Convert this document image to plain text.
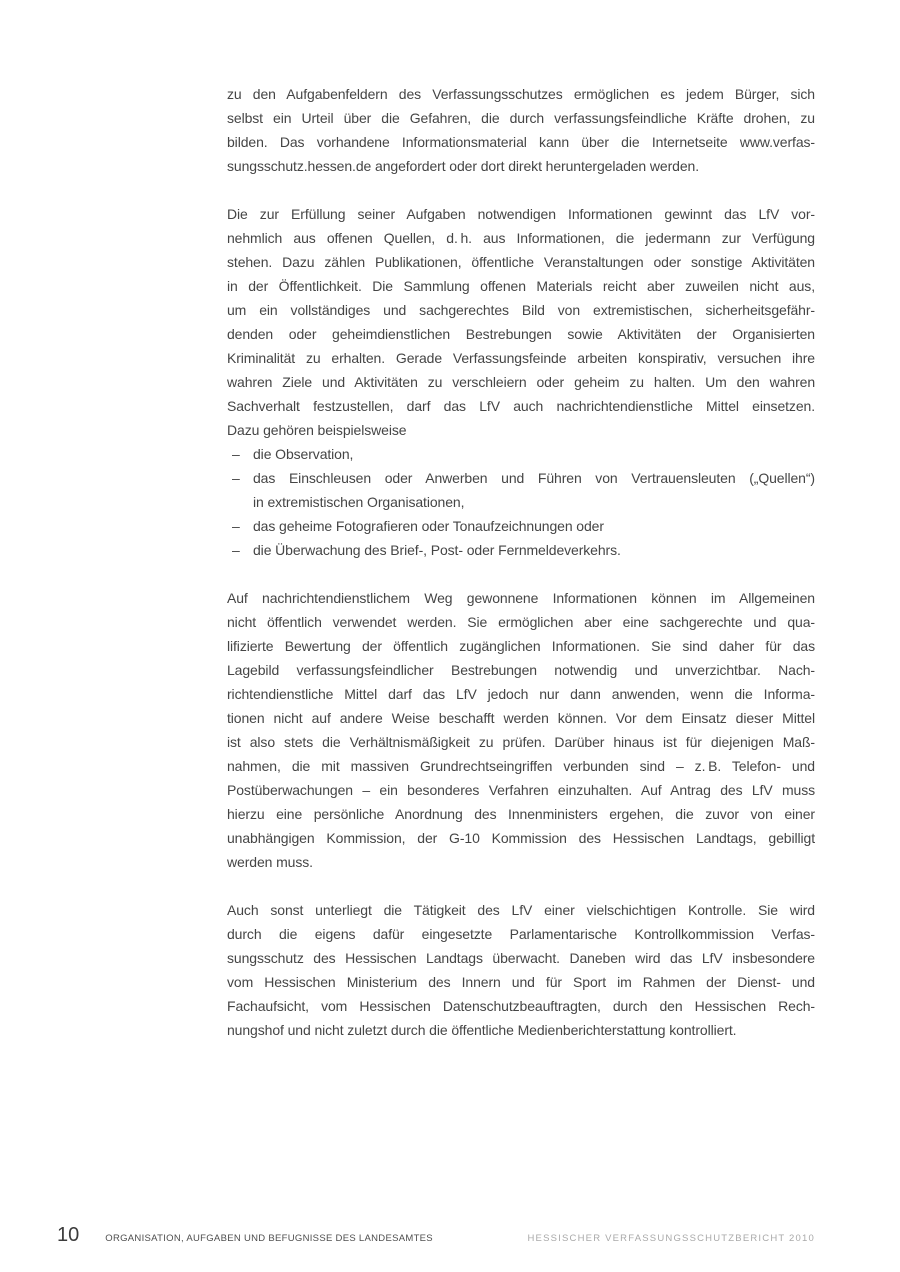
zu den Aufgabenfeldern des Verfassungsschutzes ermöglichen es jedem Bürger, sich
selbst ein Urteil über die Gefahren, die durch verfassungsfeindliche Kräfte drohen, zu
bilden. Das vorhandene Informationsmaterial kann über die Internetseite www.verfas-
sungsschutz.hessen.de angefordert oder dort direkt heruntergeladen werden.
Die zur Erfüllung seiner Aufgaben notwendigen Informationen gewinnt das LfV vor-
nehmlich aus offenen Quellen, d. h. aus Informationen, die jedermann zur Verfügung
stehen. Dazu zählen Publikationen, öffentliche Veranstaltungen oder sonstige Aktivitäten
in der Öffentlichkeit. Die Sammlung offenen Materials reicht aber zuweilen nicht aus,
um ein vollständiges und sachgerechtes Bild von extremistischen, sicherheitsgefähr-
denden oder geheimdienstlichen Bestrebungen sowie Aktivitäten der Organisierten
Kriminalität zu erhalten. Gerade Verfassungsfeinde arbeiten konspirativ, versuchen ihre
wahren Ziele und Aktivitäten zu verschleiern oder geheim zu halten. Um den wahren
Sachverhalt festzustellen, darf das LfV auch nachrichtendienstliche Mittel einsetzen.
Dazu gehören beispielsweise
– die Observation,
– das Einschleusen oder Anwerben und Führen von Vertrauensleuten („Quellen“)
in extremistischen Organisationen,
– das geheime Fotografieren oder Tonaufzeichnungen oder
– die Überwachung des Brief-, Post- oder Fernmeldeverkehrs.
Auf nachrichtendienstlichem Weg gewonnene Informationen können im Allgemeinen
nicht öffentlich verwendet werden. Sie ermöglichen aber eine sachgerechte und qua-
lifizierte Bewertung der öffentlich zugänglichen Informationen. Sie sind daher für das
Lagebild verfassungsfeindlicher Bestrebungen notwendig und unverzichtbar. Nach-
richtendienstliche Mittel darf das LfV jedoch nur dann anwenden, wenn die Informa-
tionen nicht auf andere Weise beschafft werden können. Vor dem Einsatz dieser Mittel
ist also stets die Verhältnismäßigkeit zu prüfen. Darüber hinaus ist für diejenigen Maß-
nahmen, die mit massiven Grundrechtseingriffen verbunden sind – z. B. Telefon- und
Postüberwachungen – ein besonderes Verfahren einzuhalten. Auf Antrag des LfV muss
hierzu eine persönliche Anordnung des Innenministers ergehen, die zuvor von einer
unabhängigen Kommission, der G-10 Kommission des Hessischen Landtags, gebilligt
werden muss.
Auch sonst unterliegt die Tätigkeit des LfV einer vielschichtigen Kontrolle. Sie wird
durch die eigens dafür eingesetzte Parlamentarische Kontrollkommission Verfas-
sungsschutz des Hessischen Landtags überwacht. Daneben wird das LfV insbesondere
vom Hessischen Ministerium des Innern und für Sport im Rahmen der Dienst- und
Fachaufsicht, vom Hessischen Datenschutzbeauftragten, durch den Hessischen Rech-
nungshof und nicht zuletzt durch die öffentliche Medienberichterstattung kontrolliert.
10	ORGANISATION, AUFGABEN UND BEFUGNISSE DES LANDESAMTES	HESSISCHER VERFASSUNGSSCHUTZBERICHT 2010
